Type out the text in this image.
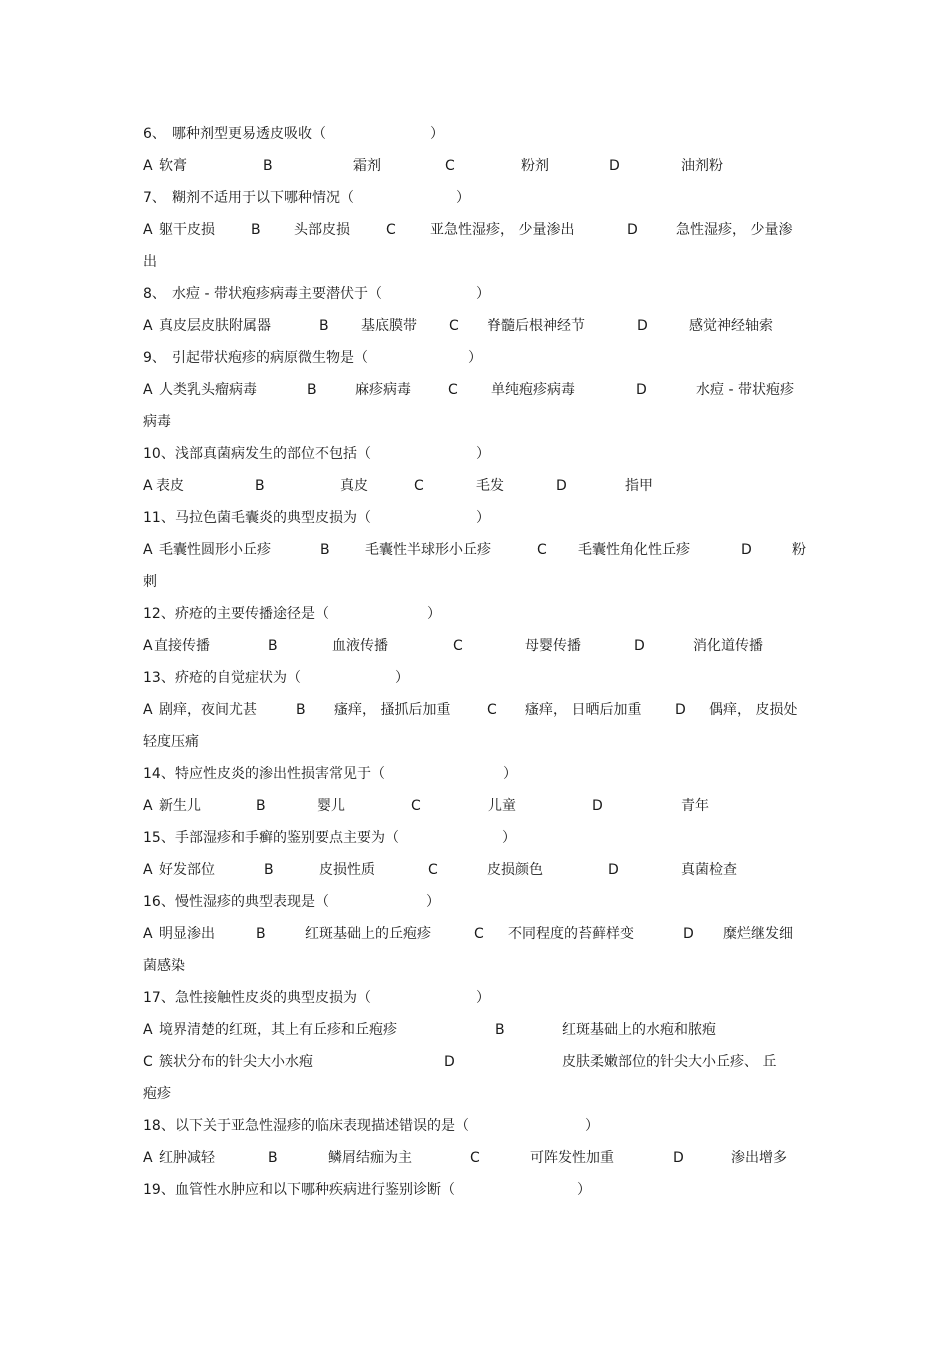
6、 哪种剂型更易透皮吸收（	）
A 软膏	B	霜剂	C	粉剂	D	油剂粉
7、 糊剂不适用于以下哪种情况（	）
A 躯干皮损	B 头部皮损	C 亚急性湿疹， 少量渗出	D	急性湿疹， 少量渗
出
8、 水痘 - 带状疱疹病毒主要潜伏于（	）
A 真皮层皮肤附属器	B 基底膜带 C 脊髓后根神经节	D	感觉神经轴索
9、 引起带状疱疹的病原微生物是（	）
A 人类乳头瘤病毒	B	麻疹病毒	C 单纯疱疹病毒	D	水痘 - 带状疱疹
病毒
10、 浅部真菌病发生的部位不包括（	）
A 表皮	B	真皮	C	毛发	D	指甲
11、 马拉色菌毛囊炎的典型皮损为（	）
A 毛囊性圆形小丘疹	B	毛囊性半球形小丘疹	C 毛囊性角化性丘疹	D	粉
刺
12、 疥疮的主要传播途径是（	）
A 直接传播	B	血液传播	C	母婴传播	D	消化道传播
13、 疥疮的自觉症状为（	）
A 剧痒，夜间尤甚	B 瘙痒， 搔抓后加重	C 瘙痒， 日晒后加重 D 偶痒， 皮损处
轻度压痛
14、 特应性皮炎的渗出性损害常见于（	）
A 新生儿	B	婴儿	C	儿童	D	青年
15、 手部湿疹和手癣的鉴别要点主要为（	）
A 好发部位	B	皮损性质	C	皮损颜色	D	真菌检查
16、 慢性湿疹的典型表现是（	）
A 明显渗出	B	红斑基础上的丘疱疹	C 不同程度的苔藓样变	D 糜烂继发细
菌感染
17、 急性接触性皮炎的典型皮损为（	）
A 境界清楚的红斑，其上有丘疹和丘疱疹	B	红斑基础上的水疱和脓疱
C 簇状分布的针尖大小水疱	D	皮肤柔嫩部位的针尖大小丘疹、 丘
疱疹
18、 以下关于亚急性湿疹的临床表现描述错误的是（	）
A 红肿减轻	B	鳞屑结痂为主	C	可阵发性加重	D	渗出增多
19、 血管性水肿应和以下哪种疾病进行鉴别诊断（	）
